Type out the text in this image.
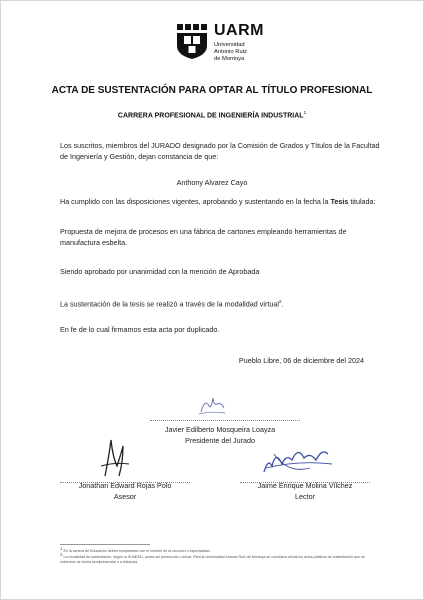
UARM
Universidad
Antonio Ruiz
de Montoya
ACTA DE SUSTENTACIÓN PARA OPTAR AL TÍTULO PROFESIONAL
CARRERA PROFESIONAL DE INGENIERÍA INDUSTRIAL$^1$
Los suscritos, miembros del JURADO designado por la Comisión de Grados y Títulos de la Facultad de Ingeniería y Gestión, dejan constancia de que:
Anthony Alvarez Cayo
Ha cumplido con las disposiciones vigentes, aprobando y sustentando en la fecha la Tesis titulada:
Propuesta de mejora de procesos en una fábrica de cartones empleando herramientas de manufactura esbelta.
Siendo aprobado por unanimidad con la mención de Aprobada
La sustentación de la tesis se realizó a través de la modalidad virtual$^2$.
En fe de lo cual firmamos esta acta por duplicado.
Pueblo Libre, 06 de diciembre del 2024
Javier Edilberto Mosqueira Loayza
Presidente del Jurado
Jonathan Edward Rojas Polo
Asesor
Jaime Enrique Molina Vílchez
Lector
1 En la carrera de Educación deben completarse con el nombre de la mención o especialidad.
2 La modalidad de sustentación, según la SUNEDU, podrá ser presencial o virtual. Para la Universidad Antonio Ruiz de Montoya se considera virtual los actos públicos de sustentación que se realizaron de forma semipresencial o a distancia.
